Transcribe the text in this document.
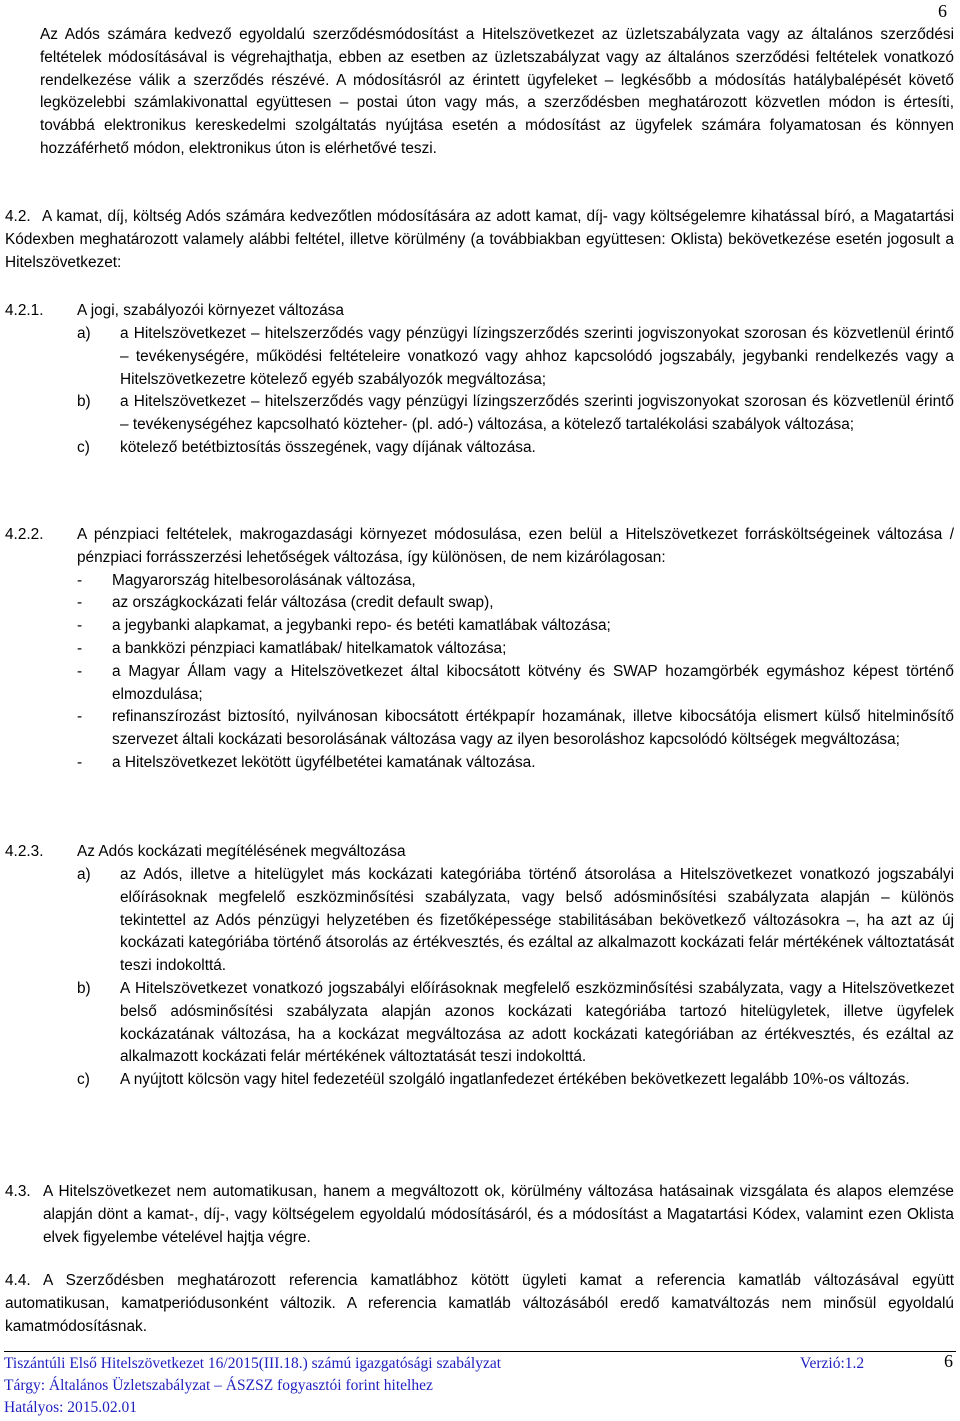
6

Az Adós számára kedvező egyoldalú szerződésmódosítást a Hitelszövetkezet az üzletszabályzata vagy az általános szerződési feltételek módosításával is végrehajthatja, ebben az esetben az üzletszabályzat vagy az általános szerződési feltételek vonatkozó rendelkezése válik a szerződés részévé. A módosításról az érintett ügyfeleket – legkésőbb a módosítás hatálybalépését követő legközelebbi számlakivonattal együttesen – postai úton vagy más, a szerződésben meghatározott közvetlen módon is értesíti, továbbá elektronikus kereskedelmi szolgáltatás nyújtása esetén a módosítást az ügyfelek számára folyamatosan és könnyen hozzáférhető módon, elektronikus úton is elérhetővé teszi.

4.2. A kamat, díj, költség Adós számára kedvezőtlen módosítására az adott kamat, díj- vagy költségelemre kihatással bíró, a Magatartási Kódexben meghatározott valamely alábbi feltétel, illetve körülmény (a továbbiakban együttesen: Oklista) bekövetkezése esetén jogosult a Hitelszövetkezet:
4.2.1. A jogi, szabályozói környezet változása
a) a Hitelszövetkezet – hitelszerződés vagy pénzügyi lízingszerződés szerinti jogviszonyokat szorosan és közvetlenül érintő – tevékenységére, működési feltételeire vonatkozó vagy ahhoz kapcsolódó jogszabály, jegybanki rendelkezés vagy a Hitelszövetkezetre kötelező egyéb szabályozók megváltozása;
b) a Hitelszövetkezet – hitelszerződés vagy pénzügyi lízingszerződés szerinti jogviszonyokat szorosan és közvetlenül érintő – tevékenységéhez kapcsolható közteher- (pl. adó-) változása, a kötelező tartalékolási szabályok változása;
c) kötelező betétbiztosítás összegének, vagy díjának változása.
4.2.2. A pénzpiaci feltételek, makrogazdasági környezet módosulása, ezen belül a Hitelszövetkezet forrásköltségeinek változása / pénzpiaci forrásszerzési lehetőségek változása, így különösen, de nem kizárólagosan:
- Magyarország hitelbesorolásának változása,
- az országkockázati felár változása (credit default swap),
- a jegybanki alapkamat, a jegybanki repo- és betéti kamatlábak változása;
- a bankközi pénzpiaci kamatlábak/ hitelkamatok változása;
- a Magyar Állam vagy a Hitelszövetkezet által kibocsátott kötvény és SWAP hozamgörbék egymáshoz képest történő elmozdulása;
- refinanszírozást biztosító, nyilvánosan kibocsátott értékpapír hozamának, illetve kibocsátója elismert külső hitelminősítő szervezet általi kockázati besorolásának változása vagy az ilyen besoroláshoz kapcsolódó költségek megváltozása;
- a Hitelszövetkezet lekötött ügyfélbetétei kamatának változása.
4.2.3. Az Adós kockázati megítélésének megváltozása
a) az Adós, illetve a hitelügylet más kockázati kategóriába történő átsorolása a Hitelszövetkezet vonatkozó jogszabályi előírásoknak megfelelő eszközminősítési szabályzata, vagy belső adósminősítési szabályzata alapján – különös tekintettel az Adós pénzügyi helyzetében és fizetőképessége stabilitásában bekövetkező változásokra –, ha azt az új kockázati kategóriába történő átsorolás az értékvesztés, és ezáltal az alkalmazott kockázati felár mértékének változtatását teszi indokolttá.
b) A Hitelszövetkezet vonatkozó jogszabályi előírásoknak megfelelő eszközminősítési szabályzata, vagy a Hitelszövetkezet belső adósminősítési szabályzata alapján azonos kockázati kategóriába tartozó hitelügyletek, illetve ügyfelek kockázatának változása, ha a kockázat megváltozása az adott kockázati kategóriában az értékvesztés, és ezáltal az alkalmazott kockázati felár mértékének változtatását teszi indokolttá.
c) A nyújtott kölcsön vagy hitel fedezetéül szolgáló ingatlanfedezet értékében bekövetkezett legalább 10%-os változás.
4.3. A Hitelszövetkezet nem automatikusan, hanem a megváltozott ok, körülmény változása hatásainak vizsgálata és alapos elemzése alapján dönt a kamat-, díj-, vagy költségelem egyoldalú módosításáról, és a módosítást a Magatartási Kódex, valamint ezen Oklista elvek figyelembe vételével hajtja végre.
4.4. A Szerződésben meghatározott referencia kamatlábhoz kötött ügyleti kamat a referencia kamatláb változásával együtt automatikusan, kamatperiódusonként változik. A referencia kamatláb változásából eredő kamatváltozás nem minősül egyoldalú kamatmódosításnak.
Tiszántúli Első Hitelszövetkezet 16/2015(III.18.) számú igazgatósági szabályzat	Verzió:1.2	6
Tárgy: Általános Üzletszabályzat – ÁSZSZ fogyasztói forint hitelhez
Hatályos: 2015.02.01
